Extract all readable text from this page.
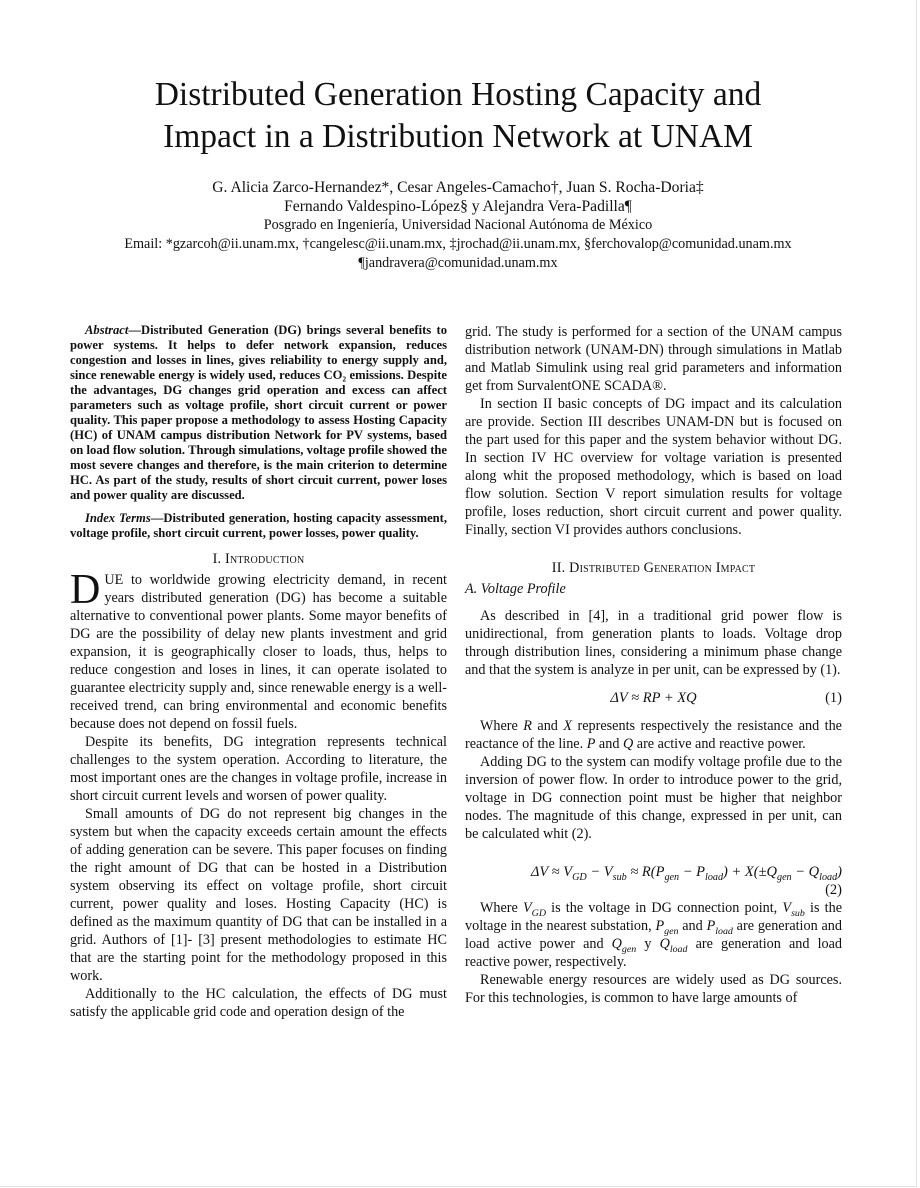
Distributed Generation Hosting Capacity and
Impact in a Distribution Network at UNAM
G. Alicia Zarco-Hernandez*, Cesar Angeles-Camacho†, Juan S. Rocha-Doria‡
Fernando Valdespino-López§ y Alejandra Vera-Padilla¶
Posgrado en Ingeniería, Universidad Nacional Autónoma de México
Email: *gzarcoh@ii.unam.mx, †cangelesc@ii.unam.mx, ‡jrochad@ii.unam.mx, §ferchovalop@comunidad.unam.mx
¶jandravera@comunidad.unam.mx

Abstract—Distributed Generation (DG) brings several benefits to power systems. It helps to defer network expansion, reduces congestion and losses in lines, gives reliability to energy supply and, since renewable energy is widely used, reduces CO₂ emissions. Despite the advantages, DG changes grid operation and excess can affect parameters such as voltage profile, short circuit current or power quality. This paper propose a methodology to assess Hosting Capacity (HC) of UNAM campus distribution Network for PV systems, based on load flow solution. Through simulations, voltage profile showed the most severe changes and therefore, is the main criterion to determine HC. As part of the study, results of short circuit current, power loses and power quality are discussed.

Index Terms—Distributed generation, hosting capacity assessment, voltage profile, short circuit current, power losses, power quality.

I. Introduction

DUE to worldwide growing electricity demand, in recent years distributed generation (DG) has become a suitable alternative to conventional power plants. Some mayor benefits of DG are the possibility of delay new plants investment and grid expansion, it is geographically closer to loads, thus, helps to reduce congestion and loses in lines, it can operate isolated to guarantee electricity supply and, since renewable energy is a well-received trend, can bring environmental and economic benefits because does not depend on fossil fuels.

Despite its benefits, DG integration represents technical challenges to the system operation. According to literature, the most important ones are the changes in voltage profile, increase in short circuit current levels and worsen of power quality.

Small amounts of DG do not represent big changes in the system but when the capacity exceeds certain amount the effects of adding generation can be severe. This paper focuses on finding the right amount of DG that can be hosted in a Distribution system observing its effect on voltage profile, short circuit current, power quality and loses. Hosting Capacity (HC) is defined as the maximum quantity of DG that can be installed in a grid. Authors of [1]- [3] present methodologies to estimate HC that are the starting point for the methodology proposed in this work.

Additionally to the HC calculation, the effects of DG must satisfy the applicable grid code and operation design of the

grid. The study is performed for a section of the UNAM campus distribution network (UNAM-DN) through simulations in Matlab and Matlab Simulink using real grid parameters and information get from SurvalentONE SCADA®.

In section II basic concepts of DG impact and its calculation are provide. Section III describes UNAM-DN but is focused on the part used for this paper and the system behavior without DG. In section IV HC overview for voltage variation is presented along whit the proposed methodology, which is based on load flow solution. Section V report simulation results for voltage profile, loses reduction, short circuit current and power quality. Finally, section VI provides authors conclusions.

II. Distributed Generation Impact

A. Voltage Profile

As described in [4], in a traditional grid power flow is unidirectional, from generation plants to loads. Voltage drop through distribution lines, considering a minimum phase change and that the system is analyze in per unit, can be expressed by (1).

ΔV ≈ RP + XQ	(1)

Where R and X represents respectively the resistance and the reactance of the line. P and Q are active and reactive power.

Adding DG to the system can modify voltage profile due to the inversion of power flow. In order to introduce power to the grid, voltage in DG connection point must be higher that neighbor nodes. The magnitude of this change, expressed in per unit, can be calculated whit (2).

$\Delta V \approx V_{GD} - V_{sub} \approx R(P_{gen} - P_{load}) + X(\pm Q_{gen} - Q_{load})$
(2)

Where $V_{GD}$ is the voltage in DG connection point, $V_{sub}$ is the voltage in the nearest substation, $P_{gen}$ and $P_{load}$ are generation and load active power and $Q_{gen}$ y $Q_{load}$ are generation and load reactive power, respectively.

Renewable energy resources are widely used as DG sources. For this technologies, is common to have large amounts of
